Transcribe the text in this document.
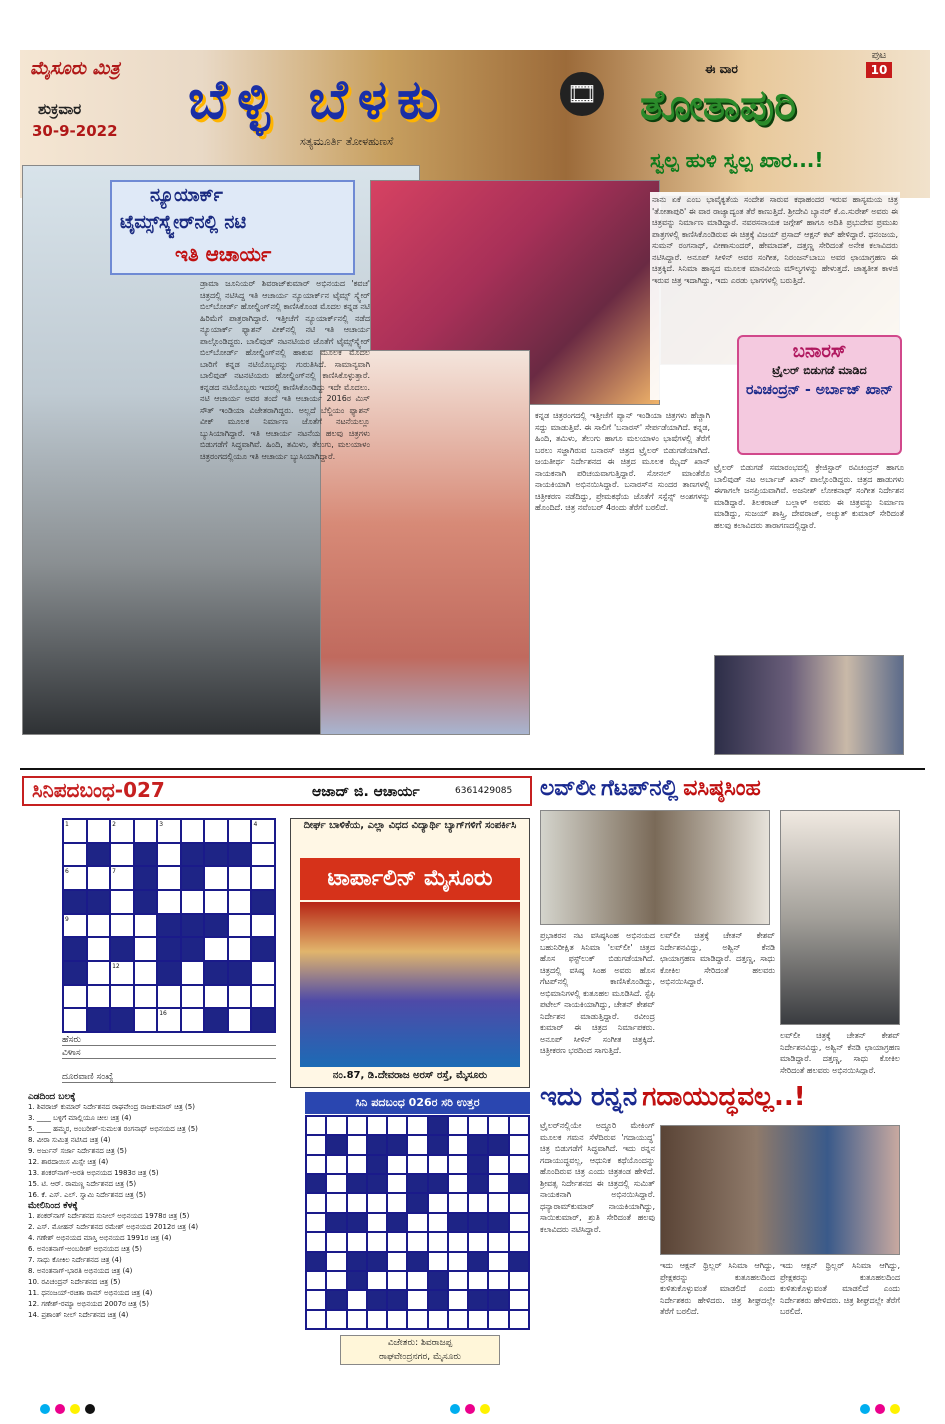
ಮೈಸೂರು ಮಿತ್ರ
ಶುಕ್ರವಾರ
30-9-2022 ಬೆಳ್ಳಿ ಬೆಳಕು
ಸತ್ಯಮೂರ್ತಿ ತೋಳಹುಣಸೆ
🎞
ಈ ವಾರ
ತೋತಾಪುರಿ
ಸ್ವಲ್ಪ ಹುಳಿ ಸ್ವಲ್ಪ ಖಾರ...!
ಪುಟ
10
ನ್ಯೂಯಾರ್ಕ್
ಟೈಮ್ಸ್‌ಸ್ಕ್ವೇರ್‌ನಲ್ಲಿ ನಟಿ
ಇತಿ ಆಚಾರ್ಯ
ಡ್ರಾಮಾ ಜೂನಿಯರ್ ಶಿವರಾಜ್‌ಕುಮಾರ್ ಅಭಿನಯದ 'ಕವಚ' ಚಿತ್ರದಲ್ಲಿ ನಟಿಸಿದ್ದ ಇತಿ ಆಚಾರ್ಯ ನ್ಯೂಯಾರ್ಕ್‌ನ ಟೈಮ್ಸ್ ಸ್ಕ್ವೇರ್ ಬಿಲ್‌ಬೋರ್ಡ್ ಹೋಲ್ಡಿಂಗ್‌ನಲ್ಲಿ ಕಾಣಿಸಿಕೊಂಡ ಮೊದಲ ಕನ್ನಡ ನಟಿ ಹಿರಿಮೆಗೆ ಪಾತ್ರರಾಗಿದ್ದಾರೆ. ಇತ್ತೀಚೆಗೆ ನ್ಯೂಯಾರ್ಕ್‌ನಲ್ಲಿ ನಡೆದ ನ್ಯೂಯಾರ್ಕ್ ಫ್ಯಾಶನ್ ವೀಕ್‌ನಲ್ಲಿ ನಟಿ ಇತಿ ಆಚಾರ್ಯ ಪಾಲ್ಗೊಂಡಿದ್ದರು. ಬಾಲಿವುಡ್ ನಟನಟಿಯರ ಜೊತೆಗೆ ಟೈಮ್ಸ್‌ಸ್ಕ್ವೇರ್ ಬಿಲ್‌ಬೋರ್ಡ್ ಹೋಲ್ಡಿಂಗ್‌ನಲ್ಲಿ ಹಾಕುವ ಮೂಲಕ ಮೊದಲ ಬಾರಿಗೆ ಕನ್ನಡ ನಟಿಯೊಬ್ಬರನ್ನು ಗುರುತಿಸಿದೆ. ಸಾಮಾನ್ಯವಾಗಿ ಬಾಲಿವುಡ್ ನಟನಟಿಯರು ಹೋಲ್ಡಿಂಗ್‌ನಲ್ಲಿ ಕಾಣಿಸಿಕೊಳ್ಳುತ್ತಾರೆ. ಕನ್ನಡದ ನಟಿಯೊಬ್ಬರು ಇದರಲ್ಲಿ ಕಾಣಿಸಿಕೊಂಡಿದ್ದು ಇದೇ ಮೊದಲು. ನಟಿ ಆಚಾರ್ಯ ಅವರ ತಂದೆ ಇತಿ ಆಚಾರ್ಯ 2016ರ ಮಿಸ್ ಸೌತ್ ಇಂಡಿಯಾ ವಿಜೇತರಾಗಿದ್ದರು. ಅಲ್ಲದೆ ಬೆಲ್ಜಿಯಂ ಫ್ಯಾಶನ್ ವೀಕ್ ಮೂಲಕ ನಿರ್ಮಾಣ ಜೊತೆಗೆ ನಟನೆಯಲ್ಲೂ ಬ್ಯುಸಿಯಾಗಿದ್ದಾರೆ. ಇತಿ ಆಚಾರ್ಯ ನಟನೆಯ ಹಲವು ಚಿತ್ರಗಳು ಬಿಡುಗಡೆಗೆ ಸಿದ್ಧವಾಗಿವೆ. ಹಿಂದಿ, ತಮಿಳು, ತೆಲುಗು, ಮಲಯಾಳಂ ಚಿತ್ರರಂಗದಲ್ಲಿಯೂ ಇತಿ ಆಚಾರ್ಯ ಬ್ಯುಸಿಯಾಗಿದ್ದಾರೆ.
ನಾನು ಏಕೆ ಎಂಬ ಭಾವೈಕ್ಯತೆಯ ಸಂದೇಶ ಸಾರುವ ಕಥಾಹಂದರ ಇರುವ ಹಾಸ್ಯಮಯ ಚಿತ್ರ 'ತೋತಾಪುರಿ' ಈ ವಾರ ರಾಜ್ಯಾದ್ಯಂತ ತೆರೆ ಕಾಣುತ್ತಿದೆ. ಶ್ರೀದೇವಿ ಬ್ಯಾನರ್ ಕೆ.ಎ.ಸುರೇಶ್ ಅವರು ಈ ಚಿತ್ರವನ್ನು ನಿರ್ಮಾಣ ಮಾಡಿದ್ದಾರೆ. ನವರಸನಾಯಕ ಜಗ್ಗೇಶ್ ಹಾಗೂ ಅದಿತಿ ಪ್ರಭುದೇವ ಪ್ರಮುಖ ಪಾತ್ರಗಳಲ್ಲಿ ಕಾಣಿಸಿಕೊಂಡಿರುವ ಈ ಚಿತ್ರಕ್ಕೆ ವಿಜಯ್ ಪ್ರಸಾದ್ ಆಕ್ಷನ್ ಕಟ್ ಹೇಳಿದ್ದಾರೆ. ಧನಂಜಯ, ಸುಮನ್ ರಂಗನಾಥ್, ವೀಣಾಸುಂದರ್, ಹೇಮಾದತ್, ದತ್ತಣ್ಣ ಸೇರಿದಂತೆ ಅನೇಕ ಕಲಾವಿದರು ನಟಿಸಿದ್ದಾರೆ. ಅನೂಪ್ ಸೀಳಿನ್ ಅವರ ಸಂಗೀತ, ನಿರಂಜನ್‌ಬಾಬು ಅವರ ಛಾಯಾಗ್ರಹಣ ಈ ಚಿತ್ರಕ್ಕಿದೆ. ಸಿನಿಮಾ ಹಾಸ್ಯದ ಮೂಲಕ ಮಾನವೀಯ ಮೌಲ್ಯಗಳನ್ನು ಹೇಳುತ್ತದೆ. ಜಾತ್ಯತೀತ ಕಾಳಜಿ ಇರುವ ಚಿತ್ರ ಇದಾಗಿದ್ದು, ಇದು ಎರಡು ಭಾಗಗಳಲ್ಲಿ ಬರುತ್ತಿದೆ.
ಕನ್ನಡ ಚಿತ್ರರಂಗದಲ್ಲಿ ಇತ್ತೀಚೆಗೆ ಪ್ಯಾನ್ ಇಂಡಿಯಾ ಚಿತ್ರಗಳು ಹೆಚ್ಚಾಗಿ ಸದ್ದು ಮಾಡುತ್ತಿವೆ. ಈ ಸಾಲಿಗೆ 'ಬನಾರಸ್' ಸೇರ್ಪಡೆಯಾಗಿದೆ. ಕನ್ನಡ, ಹಿಂದಿ, ತಮಿಳು, ತೆಲುಗು ಹಾಗೂ ಮಲಯಾಳಂ ಭಾಷೆಗಳಲ್ಲಿ ತೆರೆಗೆ ಬರಲು ಸಜ್ಜಾಗಿರುವ ಬನಾರಸ್ ಚಿತ್ರದ ಟ್ರೈಲರ್ ಬಿಡುಗಡೆಯಾಗಿದೆ. ಜಯತೀರ್ಥ ನಿರ್ದೇಶನದ ಈ ಚಿತ್ರದ ಮೂಲಕ ಝೈದ್ ಖಾನ್ ನಾಯಕನಾಗಿ ಪರಿಚಯವಾಗುತ್ತಿದ್ದಾರೆ. ಸೋನಲ್ ಮಾಂತೆರೊ ನಾಯಕಿಯಾಗಿ ಅಭಿನಯಿಸಿದ್ದಾರೆ. ಬನಾರಸ್‌ನ ಸುಂದರ ತಾಣಗಳಲ್ಲಿ ಚಿತ್ರೀಕರಣ ನಡೆದಿದ್ದು, ಪ್ರೇಮಕಥೆಯ ಜೊತೆಗೆ ಸಸ್ಪೆನ್ಸ್ ಅಂಶಗಳನ್ನು ಹೊಂದಿದೆ. ಚಿತ್ರ ನವೆಂಬರ್ 4ರಂದು ತೆರೆಗೆ ಬರಲಿದೆ.
ಟ್ರೈಲರ್ ಬಿಡುಗಡೆ ಸಮಾರಂಭದಲ್ಲಿ ಕ್ರೇಜಿಸ್ಟಾರ್ ರವಿಚಂದ್ರನ್ ಹಾಗೂ ಬಾಲಿವುಡ್ ನಟ ಅರ್ಬಾಜ್ ಖಾನ್ ಪಾಲ್ಗೊಂಡಿದ್ದರು. ಚಿತ್ರದ ಹಾಡುಗಳು ಈಗಾಗಲೇ ಜನಪ್ರಿಯವಾಗಿವೆ. ಅಜನೀಶ್ ಲೋಕನಾಥ್ ಸಂಗೀತ ನಿರ್ದೇಶನ ಮಾಡಿದ್ದಾರೆ. ತಿಲಕರಾಜ್ ಬಲ್ಲಾಳ್ ಅವರು ಈ ಚಿತ್ರವನ್ನು ನಿರ್ಮಾಣ ಮಾಡಿದ್ದು, ಸುಜಯ್ ಶಾಸ್ತ್ರಿ, ದೇವರಾಜ್, ಅಚ್ಯುತ್ ಕುಮಾರ್ ಸೇರಿದಂತೆ ಹಲವು ಕಲಾವಿದರು ತಾರಾಗಣದಲ್ಲಿದ್ದಾರೆ.
ಬನಾರಸ್
ಟ್ರೈಲರ್ ಬಿಡುಗಡೆ ಮಾಡಿದ
ರವಿಚಂದ್ರನ್ - ಅರ್ಬಾಜ್ ಖಾನ್
ಸಿನಿಪದಬಂಧ-027	ಆಜಾದ್ ಜಿ. ಆಚಾರ್ಯ	6361429085
1	2	3	4
6	7
9
12
16
ಹೆಸರು
ವಿಳಾಸ
ದೂರವಾಣಿ ಸಂಖ್ಯೆ
ಎಡದಿಂದ ಬಲಕ್ಕೆ
1. ಶಿವರಾಜ್ ಕುಮಾರ್ ನಿರ್ದೇಶನದ ರಾಘವೇಂದ್ರ ರಾಜಕುಮಾರ್ ಚಿತ್ರ (5)
3. ____ ಬಳ್ಳಿಗೆ ಮಾಲ್ಲಿಯೂ ಚೀಲ ಚಿತ್ರ (4)
5. ____ ಹಮ್ಮರ, ಅಂಬರೀಶ್-ಸುಮಲತ ರಂಗನಾಥ್ ಅಭಿನಯದ ಚಿತ್ರ (5)
8. ವೀರಾ ಸುಮಿತ್ರ ನಟಿಸಿದ ಚಿತ್ರ (4)
9. ಅರ್ಜುನ್ ಸರ್ಜಾ ನಿರ್ದೇಶನದ ಚಿತ್ರ (5)
12. ಶಾರದಾಯಿಸ ಮಿಸ್ಸೇ ಚಿತ್ರ (4)
13. ಶಂಕರ್‌ನಾಗ್-ಅರತಿ ಅಭಿನಯದ 1983ರ ಚಿತ್ರ (5)
15. ಟಿ. ಆರ್. ರಾಮಣ್ಣ ನಿರ್ದೇಶನದ ಚಿತ್ರ (5)
16. ಕೆ. ಎಸ್. ಎಲ್. ಸ್ವಾಮಿ ನಿರ್ದೇಶನದ ಚಿತ್ರ (5)
ಮೇಲಿನಿಂದ ಕೆಳಕ್ಕೆ
1. ಶಂಕರ್‌ನಾಗ್ ನಿರ್ದೇಶನದ ಸುನೀಲ್ ಅಭಿನಯದ 1978ರ ಚಿತ್ರ (5)
2. ಎಸ್. ಮೋಹನ್ ನಿರ್ದೇಶನದ ರಮೇಶ್ ಅಭಿನಯದ 2012ರ ಚಿತ್ರ (4)
4. ಗಣೇಶ್ ಅಭಿನಯದ ಮಾಸ್ತಿ ಅಭಿನಯದ 1991ರ ಚಿತ್ರ (4)
6. ಅನಂತನಾಗ್-ಅಂಬರೀಶ್ ಅಭಿನಯದ ಚಿತ್ರ (5)
7. ಸಾಧು ಕೋಕಿಲ ನಿರ್ದೇಶನದ ಚಿತ್ರ (4)
8. ಅನಂತನಾಗ್-ಭಾರತಿ ಅಭಿನಯದ ಚಿತ್ರ (4)
10. ರವಿಚಂದ್ರನ್ ನಿರ್ದೇಶನದ ಚಿತ್ರ (5)
11. ಧನಂಜಯ್-ರಚಿತಾ ರಾಮ್ ಅಭಿನಯದ ಚಿತ್ರ (4)
12. ಗಣೇಶ್-ರಮ್ಯಾ ಅಭಿನಯದ 2007ರ ಚಿತ್ರ (5)
14. ಪ್ರಶಾಂತ್ ನೀಲ್ ನಿರ್ದೇಶನದ ಚಿತ್ರ (4)
ದೀರ್ಘ ಬಾಳಿಕೆಯ, ಎಲ್ಲಾ ವಿಧದ ವಿದ್ಯಾರ್ಥಿ ಬ್ಯಾಗ್‌ಗಳಿಗೆ ಸಂಪರ್ಕಿಸಿ
ಟಾರ್ಪಾಲಿನ್ ಮೈಸೂರು
ನಂ.87, ಡಿ.ದೇವರಾಜ ಅರಸ್ ರಸ್ತೆ, ಮೈಸೂರು
ಸಿನಿ ಪದಬಂಧ 026ರ ಸರಿ ಉತ್ತರ
ವಿಜೇತರು: ಶಿವರಾಜಪ್ಪ
ರಾಘವೇಂದ್ರನಗರ, ಮೈಸೂರು
ಲವ್‌ಲೀ ಗೆಟಪ್‌ನಲ್ಲಿ ವಸಿಷ್ಠಸಿಂಹ
ಪ್ರಭಾಕರನ ನಟ ವಸಿಷ್ಠಸಿಂಹ ಅಭಿನಯದ ಬಹುನಿರೀಕ್ಷಿತ ಸಿನಿಮಾ 'ಲವ್‌ಲೀ' ಚಿತ್ರದ ಹೊಸ ಫಸ್ಟ್‌ಲುಕ್ ಬಿಡುಗಡೆಯಾಗಿದೆ. ಚಿತ್ರದಲ್ಲಿ ವಸಿಷ್ಠ ಸಿಂಹ ಅವರು ಹೊಸ ಗೆಟಪ್‌ನಲ್ಲಿ ಕಾಣಿಸಿಕೊಂಡಿದ್ದು, ಅಭಿಮಾನಿಗಳಲ್ಲಿ ಕುತೂಹಲ ಮೂಡಿಸಿದೆ. ಸ್ಟೆಫಿ ಪಟೇಲ್ ನಾಯಕಿಯಾಗಿದ್ದು, ಚೇತನ್ ಕೇಶವ್ ನಿರ್ದೇಶನ ಮಾಡುತ್ತಿದ್ದಾರೆ. ರವೀಂದ್ರ ಕುಮಾರ್ ಈ ಚಿತ್ರದ ನಿರ್ಮಾಪಕರು. ಅನೂಪ್ ಸೀಳಿನ್ ಸಂಗೀತ ಚಿತ್ರಕ್ಕಿದೆ. ಚಿತ್ರೀಕರಣ ಭರದಿಂದ ಸಾಗುತ್ತಿದೆ.
ಲವ್‌ಲೀ ಚಿತ್ರಕ್ಕೆ ಚೇತನ್ ಕೇಶವ್ ನಿರ್ದೇಶನವಿದ್ದು, ಅಶ್ವಿನ್ ಕೆನಡಿ ಛಾಯಾಗ್ರಹಣ ಮಾಡಿದ್ದಾರೆ. ದತ್ತಣ್ಣ, ಸಾಧು ಕೋಕಿಲ ಸೇರಿದಂತೆ ಹಲವರು ಅಭಿನಯಿಸಿದ್ದಾರೆ.
ಲವ್‌ಲೀ ಚಿತ್ರಕ್ಕೆ ಚೇತನ್ ಕೇಶವ್ ನಿರ್ದೇಶನವಿದ್ದು, ಅಶ್ವಿನ್ ಕೆನಡಿ ಛಾಯಾಗ್ರಹಣ ಮಾಡಿದ್ದಾರೆ. ದತ್ತಣ್ಣ, ಸಾಧು ಕೋಕಿಲ ಸೇರಿದಂತೆ ಹಲವರು ಅಭಿನಯಿಸಿದ್ದಾರೆ.
ಇದು ರನ್ನನ ಗದಾಯುದ್ಧವಲ್ಲ..!
ಟ್ರೈಲರ್‌ನಲ್ಲಿಯೇ ಅದ್ಧೂರಿ ಮೇಕಿಂಗ್ ಮೂಲಕ ಗಮನ ಸೆಳೆದಿರುವ 'ಗದಾಯುದ್ಧ' ಚಿತ್ರ ಬಿಡುಗಡೆಗೆ ಸಿದ್ಧವಾಗಿದೆ. ಇದು ರನ್ನನ ಗದಾಯುದ್ಧವಲ್ಲ, ಆಧುನಿಕ ಕಥೆಯೊಂದನ್ನು ಹೊಂದಿರುವ ಚಿತ್ರ ಎಂದು ಚಿತ್ರತಂಡ ಹೇಳಿದೆ. ಶ್ರೀವತ್ಸ ನಿರ್ದೇಶನದ ಈ ಚಿತ್ರದಲ್ಲಿ ಸುಮಿತ್ ನಾಯಕನಾಗಿ ಅಭಿನಯಿಸಿದ್ದಾರೆ. ಧನ್ಯಾರಾಮ್‌ಕುಮಾರ್ ನಾಯಕಿಯಾಗಿದ್ದು, ಸಾಯಿಕುಮಾರ್, ಶ್ರುತಿ ಸೇರಿದಂತೆ ಹಲವು ಕಲಾವಿದರು ನಟಿಸಿದ್ದಾರೆ.
ಇದು ಆಕ್ಷನ್ ಥ್ರಿಲ್ಲರ್ ಸಿನಿಮಾ ಆಗಿದ್ದು, ಪ್ರೇಕ್ಷಕರನ್ನು ಕುತೂಹಲದಿಂದ ಕುಳಿತುಕೊಳ್ಳುವಂತೆ ಮಾಡಲಿದೆ ಎಂದು ನಿರ್ದೇಶಕರು ಹೇಳಿದರು. ಚಿತ್ರ ಶೀಘ್ರದಲ್ಲೇ ತೆರೆಗೆ ಬರಲಿದೆ.
ಇದು ಆಕ್ಷನ್ ಥ್ರಿಲ್ಲರ್ ಸಿನಿಮಾ ಆಗಿದ್ದು, ಪ್ರೇಕ್ಷಕರನ್ನು ಕುತೂಹಲದಿಂದ ಕುಳಿತುಕೊಳ್ಳುವಂತೆ ಮಾಡಲಿದೆ ಎಂದು ನಿರ್ದೇಶಕರು ಹೇಳಿದರು. ಚಿತ್ರ ಶೀಘ್ರದಲ್ಲೇ ತೆರೆಗೆ ಬರಲಿದೆ.
